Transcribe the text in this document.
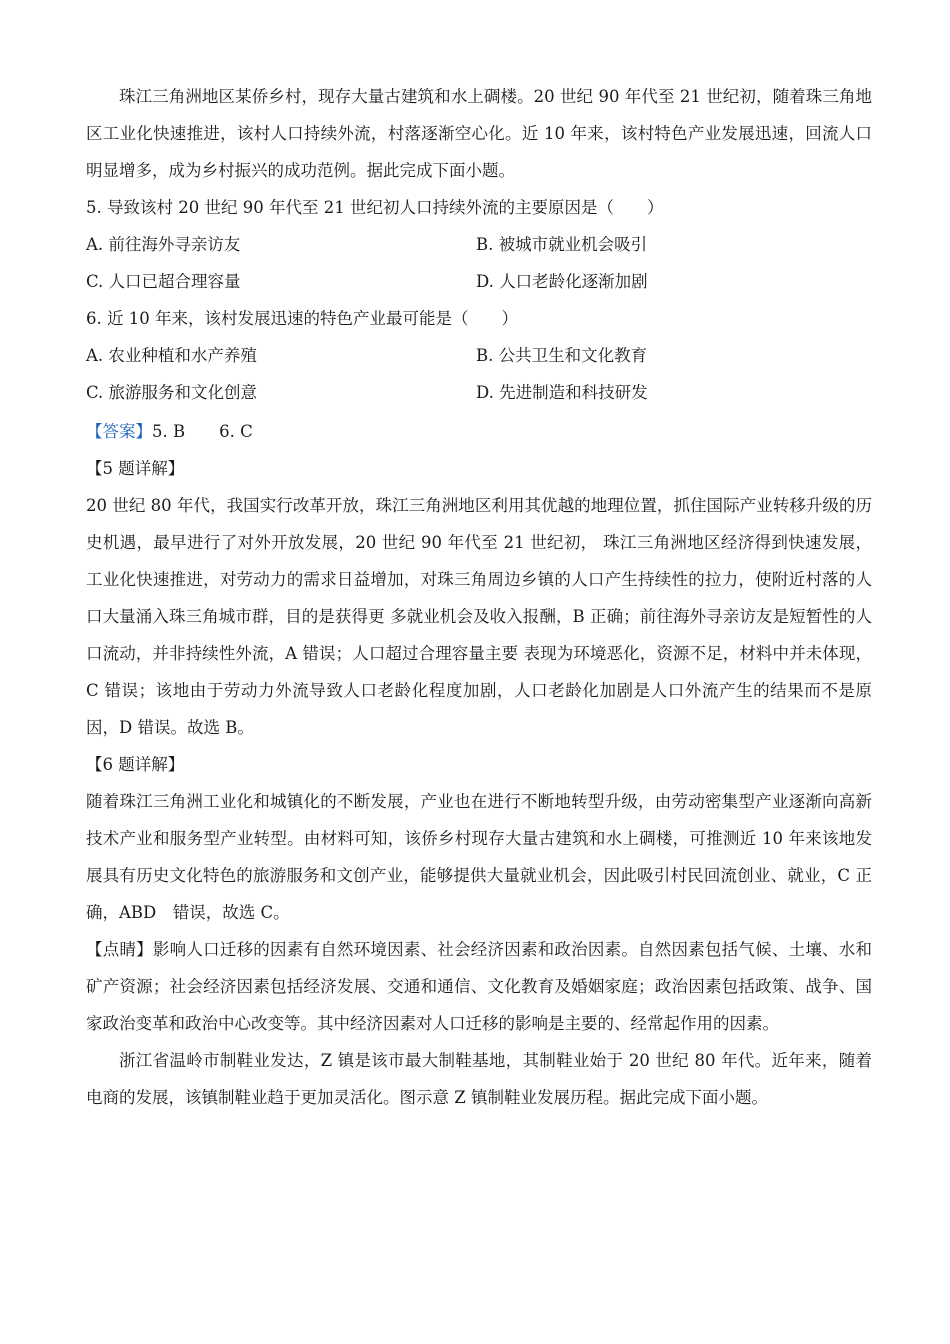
珠江三角洲地区某侨乡村，现存大量古建筑和水上碉楼。20 世纪 90 年代至 21 世纪初，随着珠三角地区工业化快速推进，该村人口持续外流，村落逐渐空心化。近 10 年来，该村特色产业发展迅速，回流人口明显增多，成为乡村振兴的成功范例。据此完成下面小题。

5. 导致该村 20 世纪 90 年代至 21 世纪初人口持续外流的主要原因是（　　）

A. 前往海外寻亲访友	B. 被城市就业机会吸引
C. 人口已超合理容量	D. 人口老龄化逐渐加剧

6. 近 10 年来，该村发展迅速的特色产业最可能是（　　）

A. 农业种植和水产养殖	B. 公共卫生和文化教育
C. 旅游服务和文化创意	D. 先进制造和科技研发

【答案】5. B 6. C

【5 题详解】

20 世纪 80 年代，我国实行改革开放，珠江三角洲地区利用其优越的地理位置，抓住国际产业转移升级的历史机遇，最早进行了对外开放发展，20 世纪 90 年代至 21 世纪初， 珠江三角洲地区经济得到快速发展，工业化快速推进，对劳动力的需求日益增加，对珠三角周边乡镇的人口产生持续性的拉力，使附近村落的人口大量涌入珠三角城市群，目的是获得更 多就业机会及收入报酬，B 正确；前往海外寻亲访友是短暂性的人口流动，并非持续性外流，A 错误；人口超过合理容量主要 表现为环境恶化，资源不足，材料中并未体现，C 错误；该地由于劳动力外流导致人口老龄化程度加剧，人口老龄化加剧是人口外流产生的结果而不是原因，D 错误。故选 B。

【6 题详解】

随着珠江三角洲工业化和城镇化的不断发展，产业也在进行不断地转型升级，由劳动密集型产业逐渐向高新技术产业和服务型产业转型。由材料可知，该侨乡村现存大量古建筑和水上碉楼，可推测近 10 年来该地发展具有历史文化特色的旅游服务和文创产业，能够提供大量就业机会，因此吸引村民回流创业、就业，C 正确，ABD　错误，故选 C。

【点睛】影响人口迁移的因素有自然环境因素、社会经济因素和政治因素。自然因素包括气候、土壤、水和矿产资源；社会经济因素包括经济发展、交通和通信、文化教育及婚姻家庭；政治因素包括政策、战争、国家政治变革和政治中心改变等。其中经济因素对人口迁移的影响是主要的、经常起作用的因素。

浙江省温岭市制鞋业发达，Z 镇是该市最大制鞋基地，其制鞋业始于 20 世纪 80 年代。近年来，随着电商的发展，该镇制鞋业趋于更加灵活化。图示意 Z 镇制鞋业发展历程。据此完成下面小题。
